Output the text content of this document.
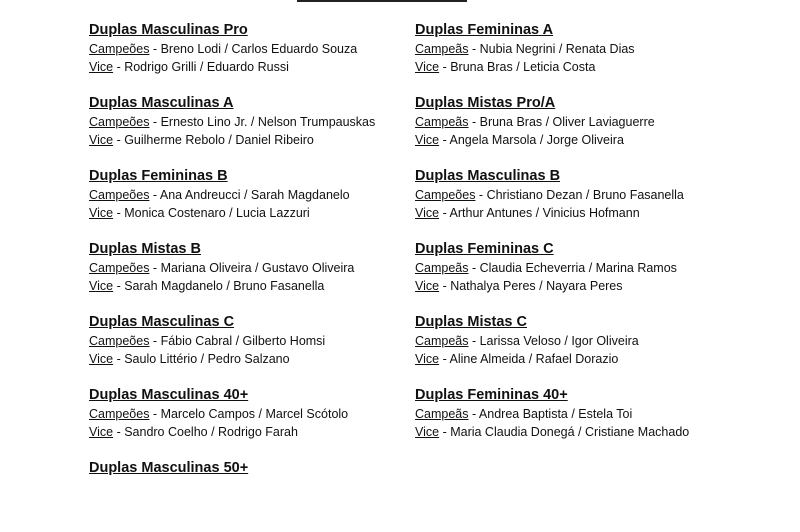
Duplas Masculinas Pro
Campeões - Breno Lodi / Carlos Eduardo Souza
Vice - Rodrigo Grilli / Eduardo Russi
Duplas Masculinas A
Campeões - Ernesto Lino Jr. / Nelson Trumpauskas
Vice - Guilherme Rebolo / Daniel Ribeiro
Duplas Femininas B
Campeões - Ana Andreucci / Sarah Magdanelo
Vice - Monica Costenaro / Lucia Lazzuri
Duplas Mistas B
Campeões - Mariana Oliveira / Gustavo Oliveira
Vice - Sarah Magdanelo / Bruno Fasanella
Duplas Masculinas C
Campeões - Fábio Cabral / Gilberto Homsi
Vice - Saulo Littério / Pedro Salzano
Duplas Masculinas 40+
Campeões - Marcelo Campos / Marcel Scótolo
Vice - Sandro Coelho / Rodrigo Farah
Duplas Masculinas 50+
Duplas Femininas A
Campeãs - Nubia Negrini / Renata Dias
Vice - Bruna Bras / Leticia Costa
Duplas Mistas Pro/A
Campeãs - Bruna Bras / Oliver Laviaguerre
Vice - Angela Marsola / Jorge Oliveira
Duplas Masculinas B
Campeões - Christiano Dezan / Bruno Fasanella
Vice - Arthur Antunes / Vinicius Hofmann
Duplas Femininas C
Campeãs - Claudia Echeverria / Marina Ramos
Vice - Nathalya Peres / Nayara Peres
Duplas Mistas C
Campeãs - Larissa Veloso / Igor Oliveira
Vice - Aline Almeida / Rafael Dorazio
Duplas Femininas 40+
Campeãs - Andrea Baptista / Estela Toi
Vice - Maria Claudia Donegá / Cristiane Machado
